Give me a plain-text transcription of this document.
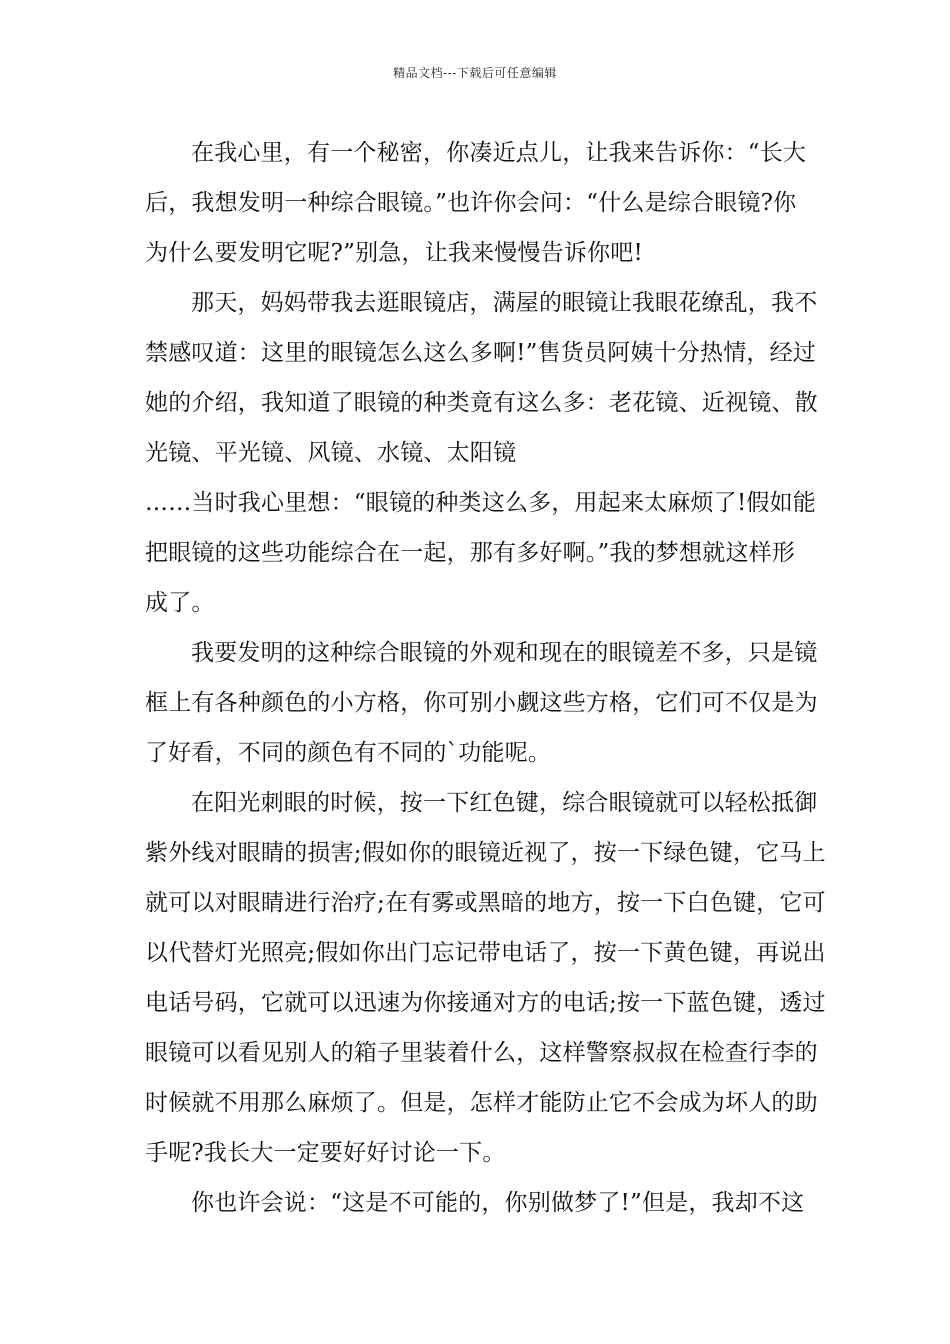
精品文档---下载后可任意编辑

在我心里，有一个秘密，你凑近点儿，让我来告诉你：“长大
后，我想发明一种综合眼镜。”也许你会问：“什么是综合眼镜?你
为什么要发明它呢?”别急，让我来慢慢告诉你吧!

那天，妈妈带我去逛眼镜店，满屋的眼镜让我眼花缭乱，我不
禁感叹道：这里的眼镜怎么这么多啊!”售货员阿姨十分热情，经过
她的介绍，我知道了眼镜的种类竟有这么多：老花镜、近视镜、散
光镜、平光镜、风镜、水镜、太阳镜
……当时我心里想：“眼镜的种类这么多，用起来太麻烦了!假如能
把眼镜的这些功能综合在一起，那有多好啊。”我的梦想就这样形
成了。

我要发明的这种综合眼镜的外观和现在的眼镜差不多，只是镜
框上有各种颜色的小方格，你可别小觑这些方格，它们可不仅是为
了好看，不同的颜色有不同的`功能呢。

在阳光刺眼的时候，按一下红色键，综合眼镜就可以轻松抵御
紫外线对眼睛的损害;假如你的眼镜近视了，按一下绿色键，它马上
就可以对眼睛进行治疗;在有雾或黑暗的地方，按一下白色键，它可
以代替灯光照亮;假如你出门忘记带电话了，按一下黄色键，再说出
电话号码，它就可以迅速为你接通对方的电话;按一下蓝色键，透过
眼镜可以看见别人的箱子里装着什么，这样警察叔叔在检查行李的
时候就不用那么麻烦了。但是，怎样才能防止它不会成为坏人的助
手呢?我长大一定要好好讨论一下。

你也许会说：“这是不可能的，你别做梦了!”但是，我却不这
